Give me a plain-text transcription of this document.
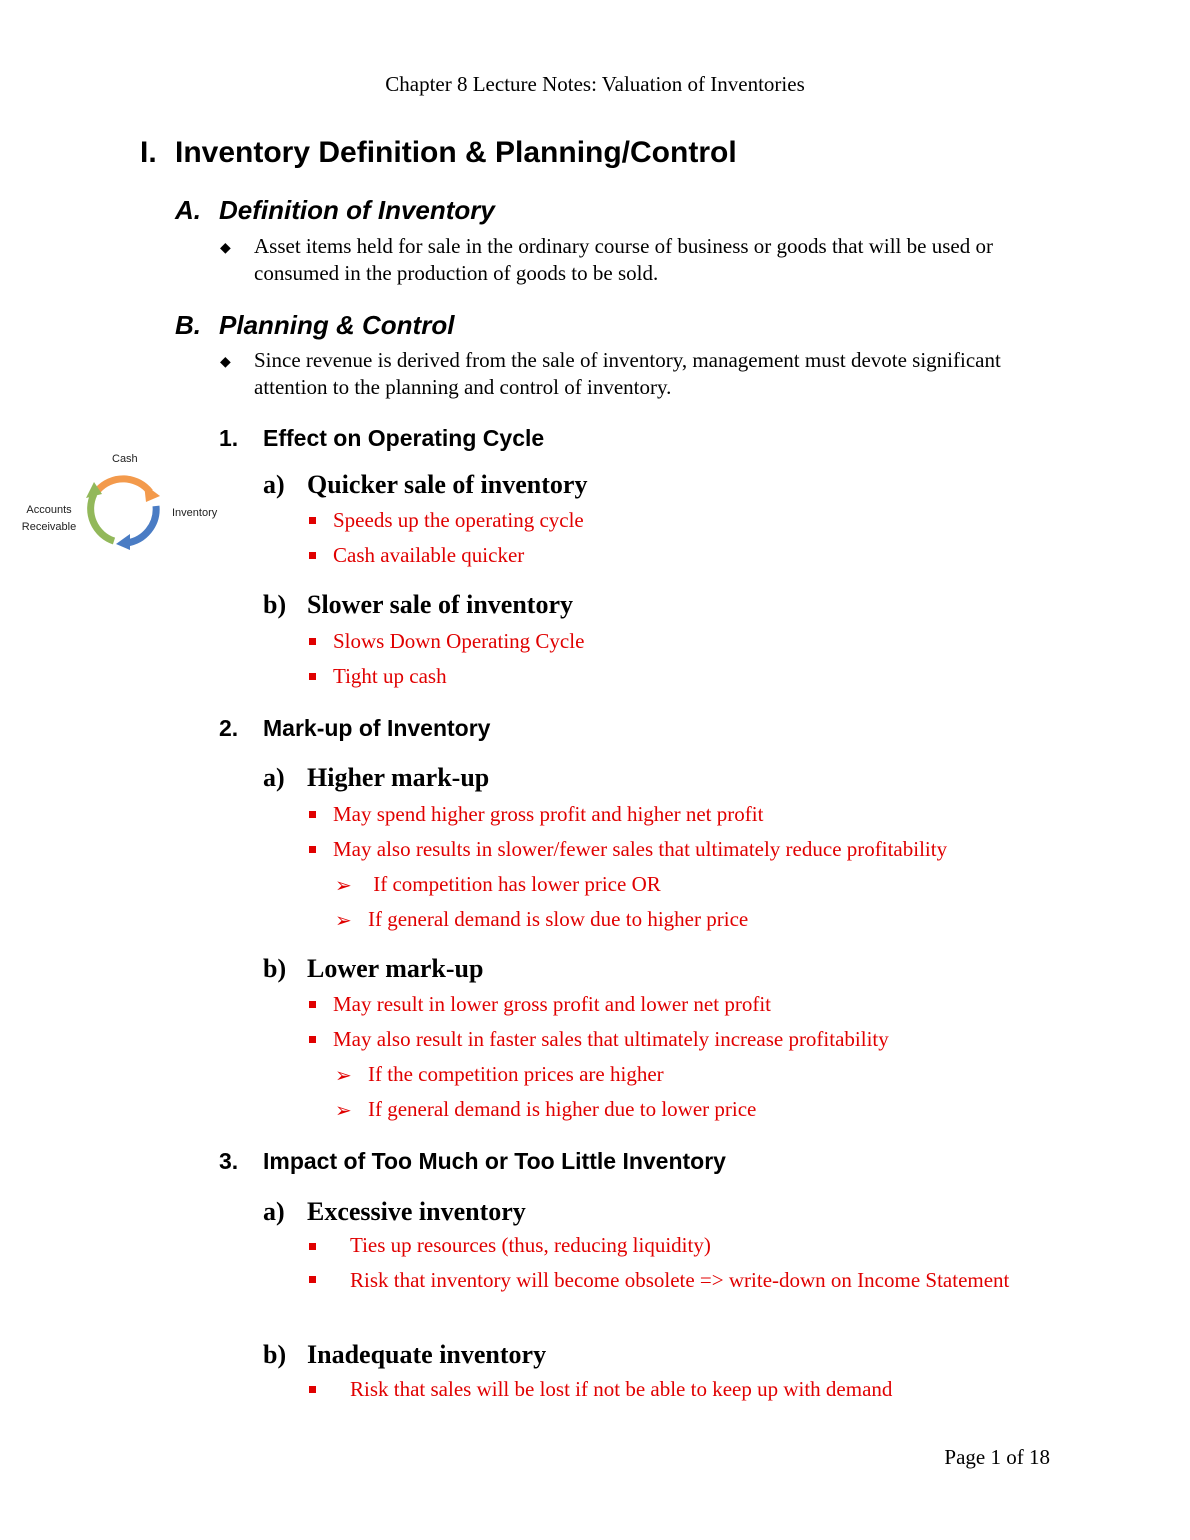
Chapter 8 Lecture Notes: Valuation of Inventories
I. Inventory Definition & Planning/Control
A. Definition of Inventory
◆ Asset items held for sale in the ordinary course of business or goods that will be used or consumed in the production of goods to be sold.
B. Planning & Control
◆ Since revenue is derived from the sale of inventory, management must devote significant attention to the planning and control of inventory.
Cash
Inventory
Accounts
Receivable
1. Effect on Operating Cycle
a) Quicker sale of inventory
Speeds up the operating cycle
Cash available quicker
b) Slower sale of inventory
Slows Down Operating Cycle
Tight up cash
2. Mark-up of Inventory
a) Higher mark-up
May spend higher gross profit and higher net profit
May also results in slower/fewer sales that ultimately reduce profitability
➢ If competition has lower price OR
➢ If general demand is slow due to higher price
b) Lower mark-up
May result in lower gross profit and lower net profit
May also result in faster sales that ultimately increase profitability
➢ If the competition prices are higher
➢ If general demand is higher due to lower price
3. Impact of Too Much or Too Little Inventory
a) Excessive inventory
Ties up resources (thus, reducing liquidity)
Risk that inventory will become obsolete => write-down on Income Statement
b) Inadequate inventory
Risk that sales will be lost if not be able to keep up with demand
Page 1 of 18
